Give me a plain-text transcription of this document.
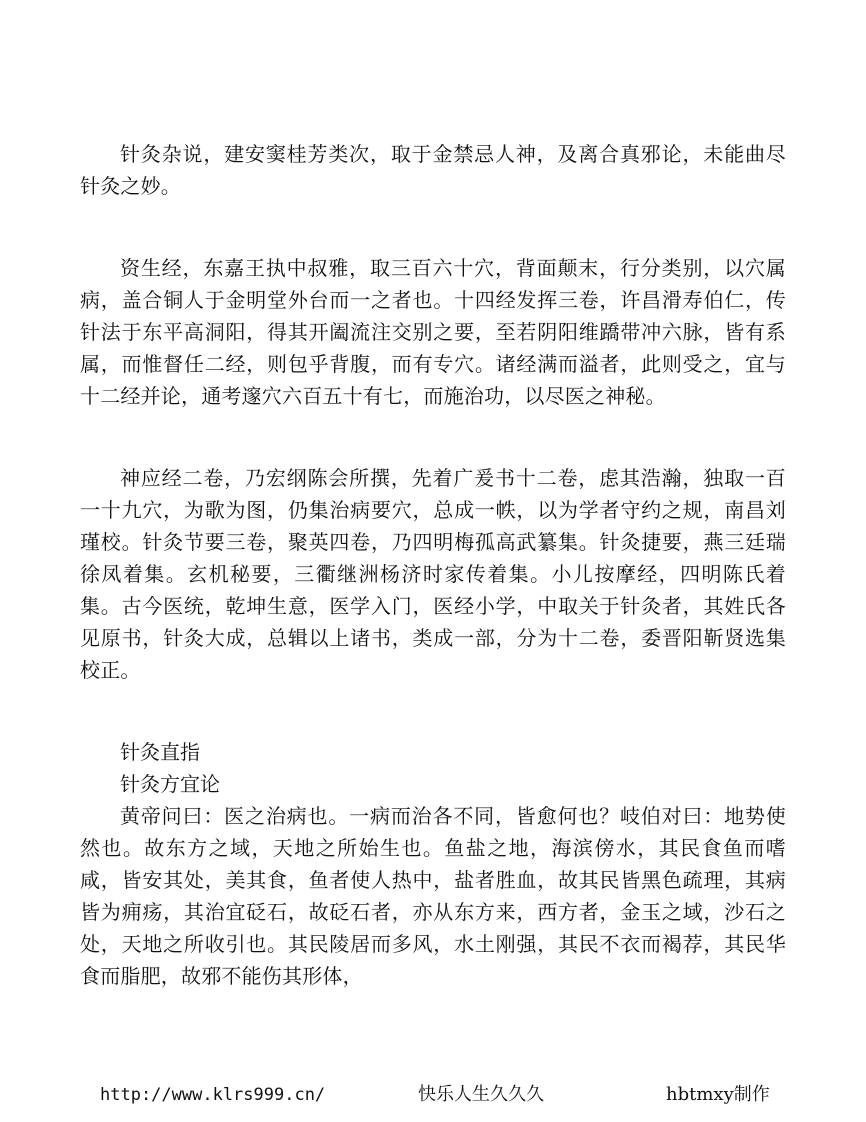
针灸杂说，建安窦桂芳类次，取于金禁忌人神，及离合真邪论，未能曲尽针灸之妙。

资生经，东嘉王执中叔雅，取三百六十穴，背面颠末，行分类别，以穴属病，盖合铜人于金明堂外台而一之者也。十四经发挥三卷，许昌滑寿伯仁，传针法于东平高洞阳，得其开阖流注交别之要，至若阴阳维蹻带冲六脉，皆有系属，而惟督任二经，则包乎背腹，而有专穴。诸经满而溢者，此则受之，宜与十二经并论，通考邃穴六百五十有七，而施治功，以尽医之神秘。

神应经二卷，乃宏纲陈会所撰，先着广爰书十二卷，虑其浩瀚，独取一百一十九穴，为歌为图，仍集治病要穴，总成一帙，以为学者守约之规，南昌刘瑾校。针灸节要三卷，聚英四卷，乃四明梅孤高武纂集。针灸捷要，燕三廷瑞徐凤着集。玄机秘要，三衢继洲杨济时家传着集。小儿按摩经，四明陈氏着集。古今医统，乾坤生意，医学入门，医经小学，中取关于针灸者，其姓氏各见原书，针灸大成，总辑以上诸书，类成一部，分为十二卷，委晋阳靳贤选集校正。

针灸直指

针灸方宜论

黄帝问曰：医之治病也。一病而治各不同，皆愈何也？岐伯对曰：地势使然也。故东方之域，天地之所始生也。鱼盐之地，海滨傍水，其民食鱼而嗜咸，皆安其处，美其食，鱼者使人热中，盐者胜血，故其民皆黑色疏理，其病皆为痈疡，其治宜砭石，故砭石者，亦从东方来，西方者，金玉之域，沙石之处，天地之所收引也。其民陵居而多风，水土刚强，其民不衣而褐荐，其民华食而脂肥，故邪不能伤其形体，

http://www.klrs999.cn/	快乐人生久久久	hbtmxy制作
